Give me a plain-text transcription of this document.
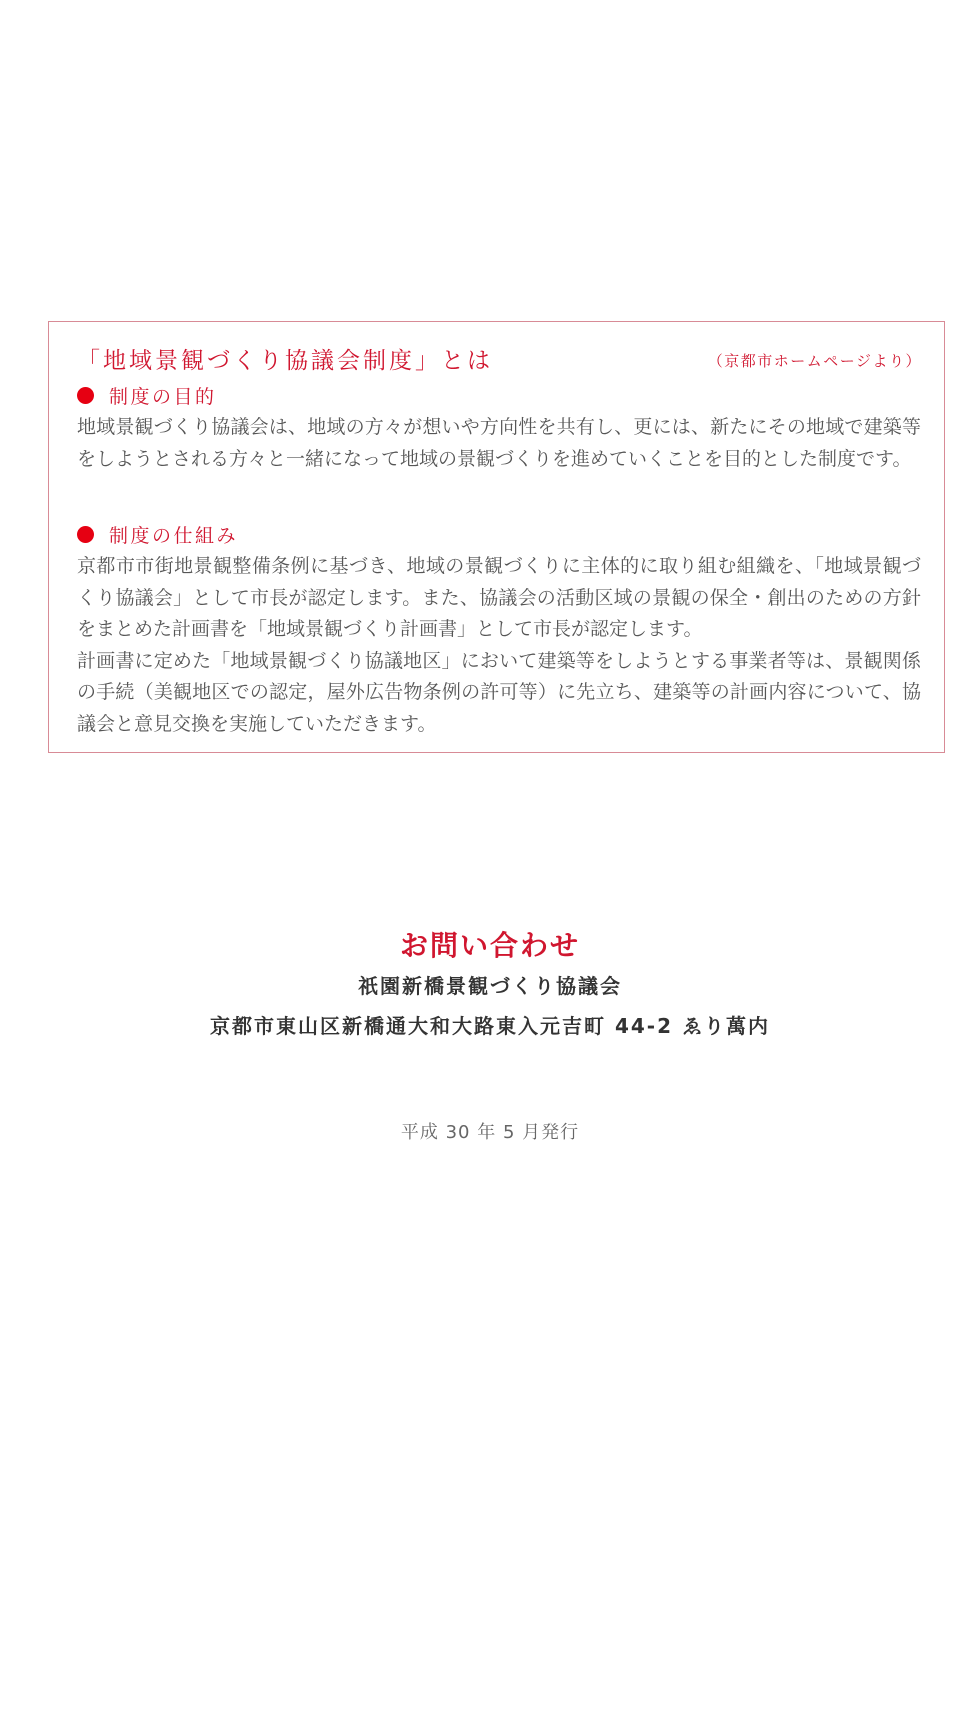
「地域景観づくり協議会制度」とは	（京都市ホームページより）
制度の目的
地域景観づくり協議会は、地域の方々が想いや方向性を共有し、更には、新たにその地域で建築等をしようとされる方々と一緒になって地域の景観づくりを進めていくことを目的とした制度です。
制度の仕組み
京都市市街地景観整備条例に基づき、地域の景観づくりに主体的に取り組む組織を、「地域景観づくり協議会」として市長が認定します。また、協議会の活動区域の景観の保全・創出のための方針をまとめた計画書を「地域景観づくり計画書」として市長が認定します。
計画書に定めた「地域景観づくり協議地区」において建築等をしようとする事業者等は、景観関係の手続（美観地区での認定，屋外広告物条例の許可等）に先立ち、建築等の計画内容について、協議会と意見交換を実施していただきます。
お問い合わせ
祇園新橋景観づくり協議会
京都市東山区新橋通大和大路東入元吉町 44-2 ゑり萬内
平成 30 年 5 月発行
